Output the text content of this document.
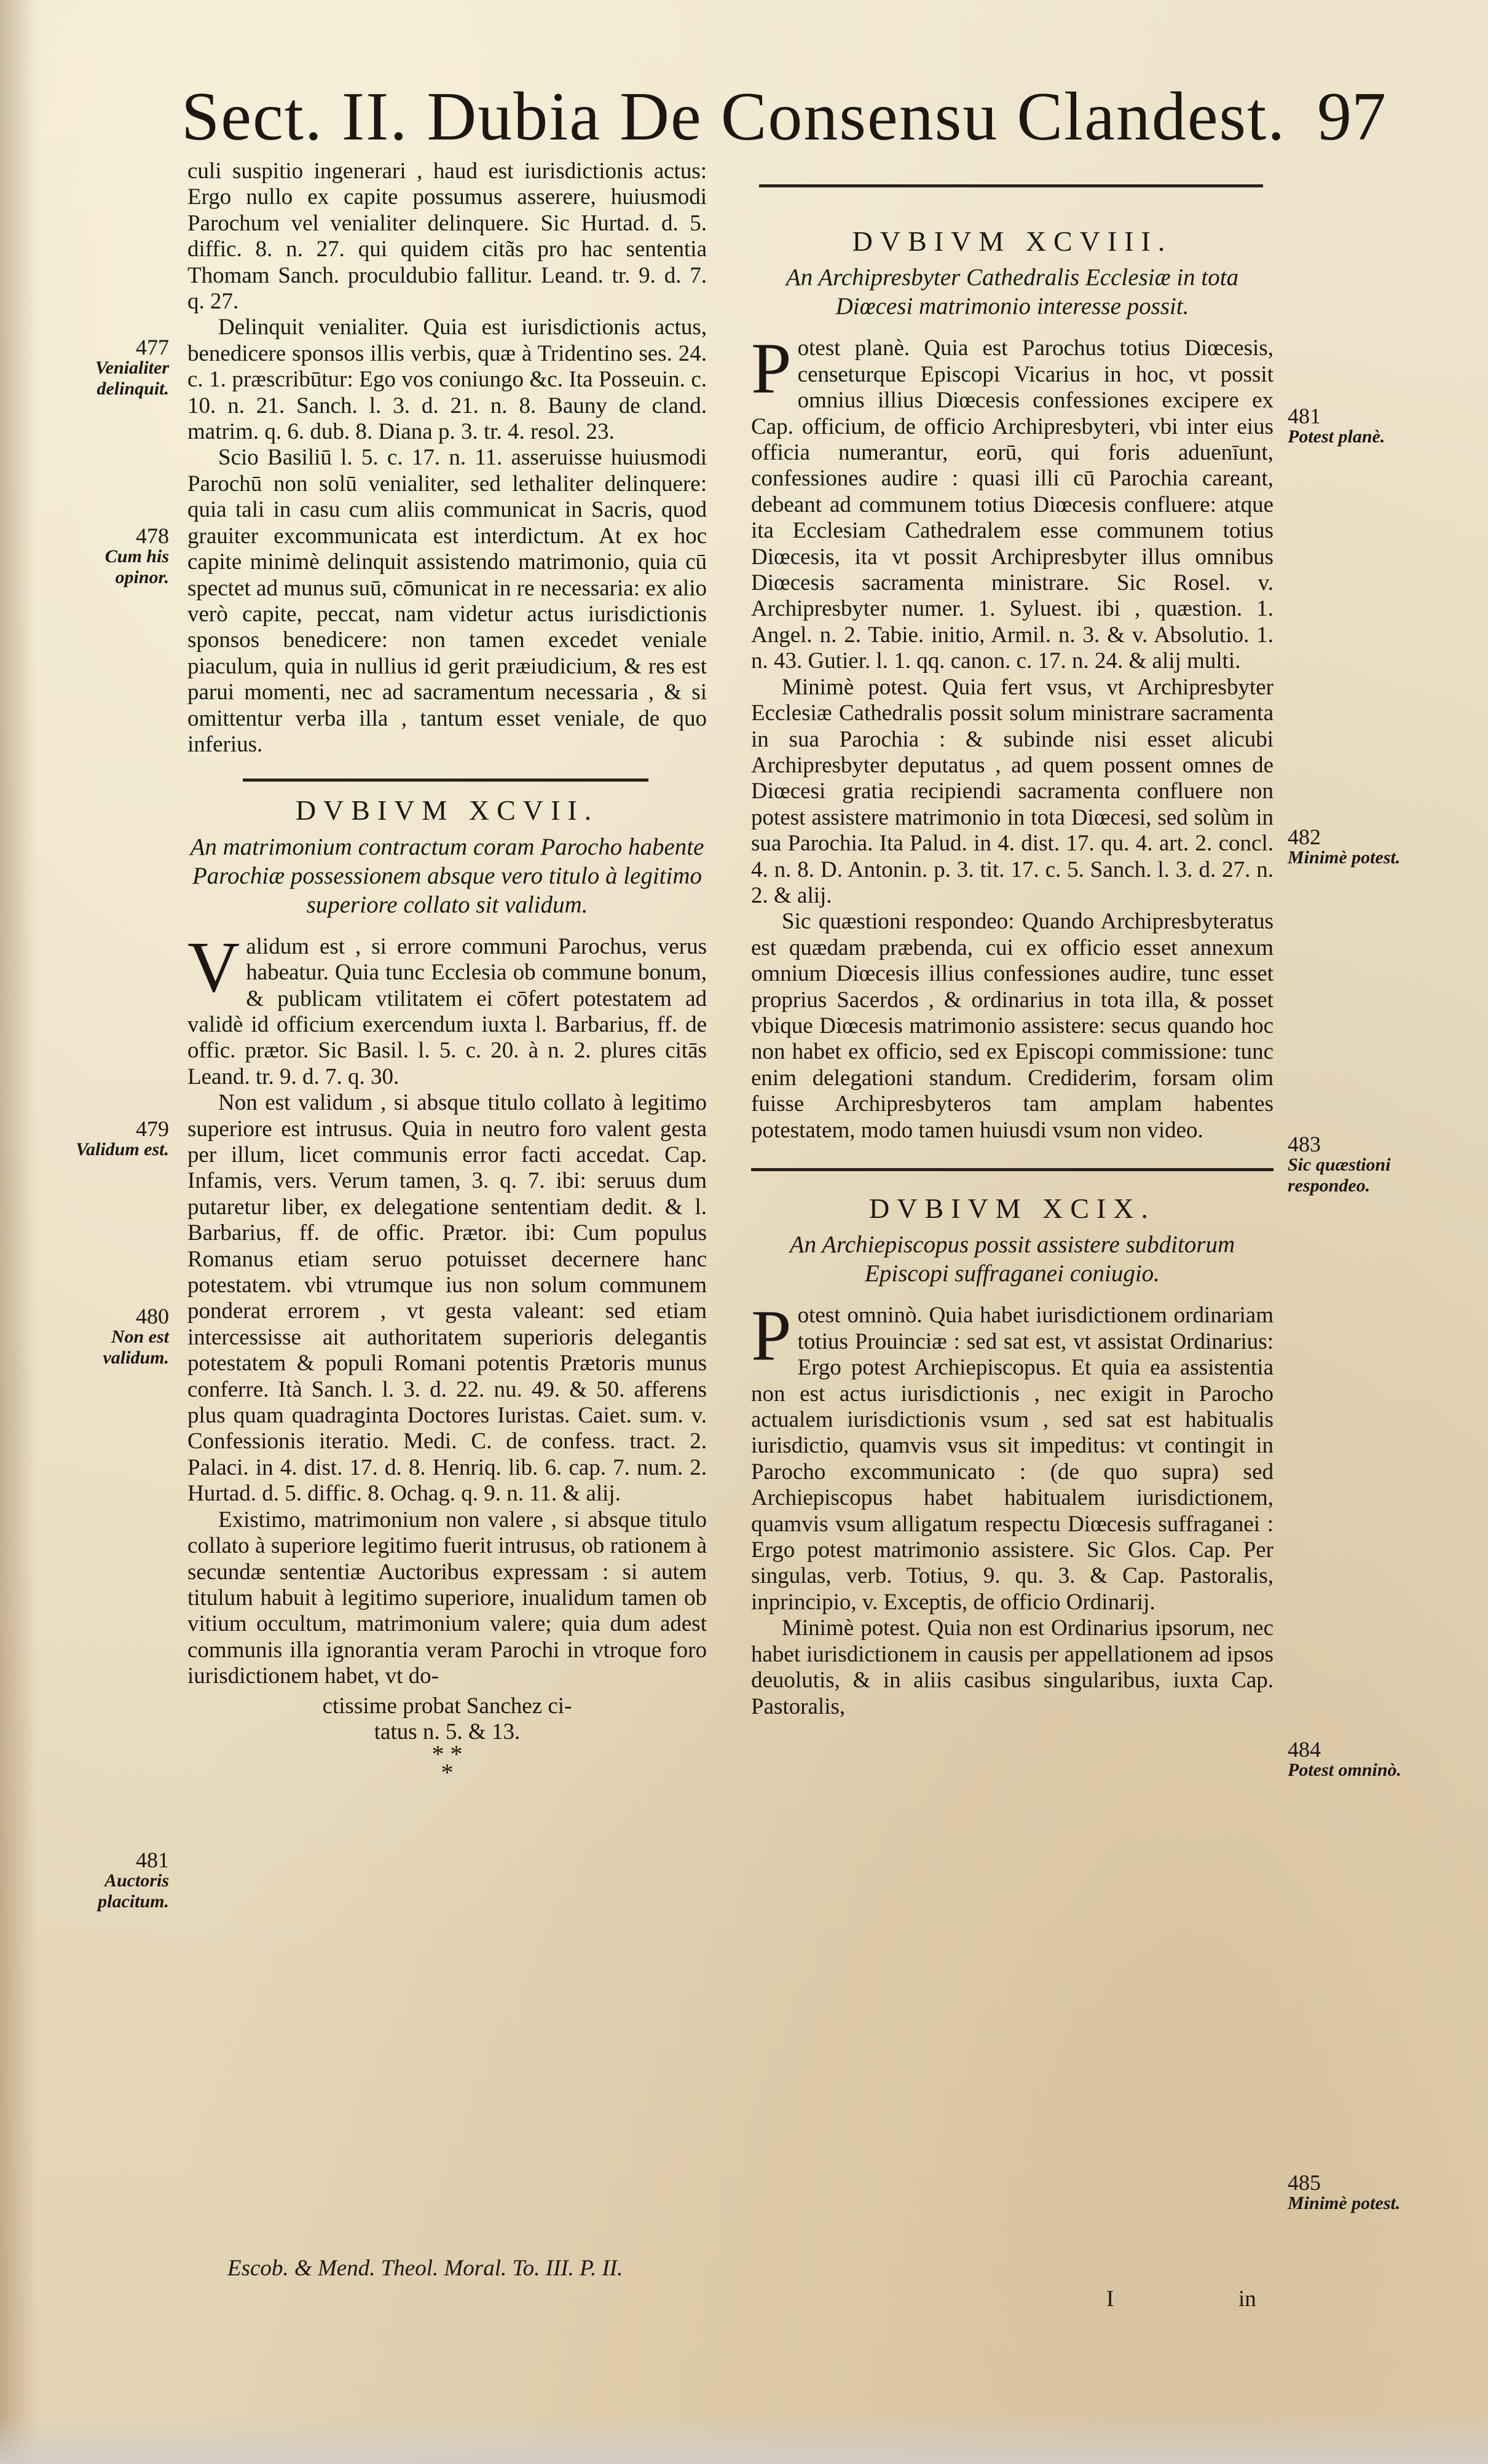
Sect. II. Dubia De Consensu Clandest. 97

culi suspitio ingenerari , haud est iurisdictionis actus: Ergo nullo ex capite possumus asserere, huiusmodi Parochum vel venialiter delinquere. Sic Hurtad. d. 5. diffic. 8. n. 27. qui quidem citãs pro hac sententia Thomam Sanch. proculdubio fallitur. Leand. tr. 9. d. 7. q. 27.

Delinquit venialiter. Quia est iurisdictionis actus, benedicere sponsos illis verbis, quæ à Tridentino ses. 24. c. 1. præscribūtur: Ego vos coniungo &c. Ita Posseuin. c. 10. n. 21. Sanch. l. 3. d. 21. n. 8. Bauny de cland. matrim. q. 6. dub. 8. Diana p. 3. tr. 4. resol. 23.

Scio Basiliū l. 5. c. 17. n. 11. asseruisse huiusmodi Parochū non solū venialiter, sed lethaliter delinquere: quia tali in casu cum aliis communicat in Sacris, quod grauiter excommunicata est interdictum. At ex hoc capite minimè delinquit assistendo matrimonio, quia cū spectet ad munus suū, cōmunicat in re necessaria: ex alio verò capite, peccat, nam videtur actus iurisdictionis sponsos benedicere: non tamen excedet veniale piaculum, quia in nullius id gerit præiudicium, & res est parui momenti, nec ad sacramentum necessaria , & si omittentur verba illa , tantum esset veniale, de quo inferius.

DVBIVM XCVII.
An matrimonium contractum coram Parocho habente Parochiæ possessionem absque vero titulo à legitimo superiore collato sit validum.

Validum est , si errore communi Parochus, verus habeatur. Quia tunc Ecclesia ob commune bonum, & publicam vtilitatem ei cōfert potestatem ad validè id officium exercendum iuxta l. Barbarius, ff. de offic. prætor. Sic Basil. l. 5. c. 20. à n. 2. plures citās Leand. tr. 9. d. 7. q. 30.

Non est validum , si absque titulo collato à legitimo superiore est intrusus. Quia in neutro foro valent gesta per illum, licet communis error facti accedat. Cap. Infamis, vers. Verum tamen, 3. q. 7. ibi: seruus dum putaretur liber, ex delegatione sententiam dedit. & l. Barbarius, ff. de offic. Prætor. ibi: Cum populus Romanus etiam seruo potuisset decernere hanc potestatem. vbi vtrumque ius non solum communem ponderat errorem , vt gesta valeant: sed etiam intercessisse ait authoritatem superioris delegantis potestatem & populi Romani potentis Prætoris munus conferre. Ità Sanch. l. 3. d. 22. nu. 49. & 50. afferens plus quam quadraginta Doctores Iuristas. Caiet. sum. v. Confessionis iteratio. Medi. C. de confess. tract. 2. Palaci. in 4. dist. 17. d. 8. Henriq. lib. 6. cap. 7. num. 2. Hurtad. d. 5. diffic. 8. Ochag. q. 9. n. 11. & alij.

Existimo, matrimonium non valere , si absque titulo collato à superiore legitimo fuerit intrusus, ob rationem à secundæ sententiæ Auctoribus expressam : si autem titulum habuit à legitimo superiore, inualidum tamen ob vitium occultum, matrimonium valere; quia dum adest communis illa ignorantia veram Parochi in vtroque foro iurisdictionem habet, vt do-

ctissime probat Sanchez ci-
tatus n. 5. & 13.
* *
*
Escob. & Mend. Theol. Moral. To. III. P. II.
DVBIVM XCVIII.
An Archipresbyter Cathedralis Ecclesiæ in tota Diœcesi matrimonio interesse possit.

Potest planè. Quia est Parochus totius Diœcesis, censeturque Episcopi Vicarius in hoc, vt possit omnius illius Diœcesis confessiones excipere ex Cap. officium, de officio Archipresbyteri, vbi inter eius officia numerantur, eorū, qui foris aduenīunt, confessiones audire : quasi illi cū Parochia careant, debeant ad communem totius Diœcesis confluere: atque ita Ecclesiam Cathedralem esse communem totius Diœcesis, ita vt possit Archipresbyter illus omnibus Diœcesis sacramenta ministrare. Sic Rosel. v. Archipresbyter numer. 1. Syluest. ibi , quæstion. 1. Angel. n. 2. Tabie. initio, Armil. n. 3. & v. Absolutio. 1. n. 43. Gutier. l. 1. qq. canon. c. 17. n. 24. & alij multi.

Minimè potest. Quia fert vsus, vt Archipresbyter Ecclesiæ Cathedralis possit solum ministrare sacramenta in sua Parochia : & subinde nisi esset alicubi Archipresbyter deputatus , ad quem possent omnes de Diœcesi gratia recipiendi sacramenta confluere non potest assistere matrimonio in tota Diœcesi, sed solùm in sua Parochia. Ita Palud. in 4. dist. 17. qu. 4. art. 2. concl. 4. n. 8. D. Antonin. p. 3. tit. 17. c. 5. Sanch. l. 3. d. 27. n. 2. & alij.

Sic quæstioni respondeo: Quando Archipresbyteratus est quædam præbenda, cui ex officio esset annexum omnium Diœcesis illius confessiones audire, tunc esset proprius Sacerdos , & ordinarius in tota illa, & posset vbique Diœcesis matrimonio assistere: secus quando hoc non habet ex officio, sed ex Episcopi commissione: tunc enim delegationi standum. Crediderim, forsam olim fuisse Archipresbyteros tam amplam habentes potestatem, modo tamen huiusdi vsum non video.

DVBIVM XCIX.
An Archiepiscopus possit assistere subditorum Episcopi suffraganei coniugio.

Potest omninò. Quia habet iurisdictionem ordinariam totius Prouinciæ : sed sat est, vt assistat Ordinarius: Ergo potest Archiepiscopus. Et quia ea assistentia non est actus iurisdictionis , nec exigit in Parocho actualem iurisdictionis vsum , sed sat est habitualis iurisdictio, quamvis vsus sit impeditus: vt contingit in Parocho excommunicato : (de quo supra) sed Archiepiscopus habet habitualem iurisdictionem, quamvis vsum alligatum respectu Diœcesis suffraganei : Ergo potest matrimonio assistere. Sic Glos. Cap. Per singulas, verb. Totius, 9. qu. 3. & Cap. Pastoralis, inprincipio, v. Exceptis, de officio Ordinarij.

Minimè potest. Quia non est Ordinarius ipsorum, nec habet iurisdictionem in causis per appellationem ad ipsos deuolutis, & in aliis casibus singularibus, iuxta Cap. Pastoralis,

I	in
477
Venialiter delinquit.
478
Cum his opinor.
479
Validum est.
480
Non est validum.
481
Auctoris placitum.
481
Potest planè.
482
Minimè potest.
483
Sic quæstioni respondeo.
484
Potest omninò.
485
Minimè potest.
